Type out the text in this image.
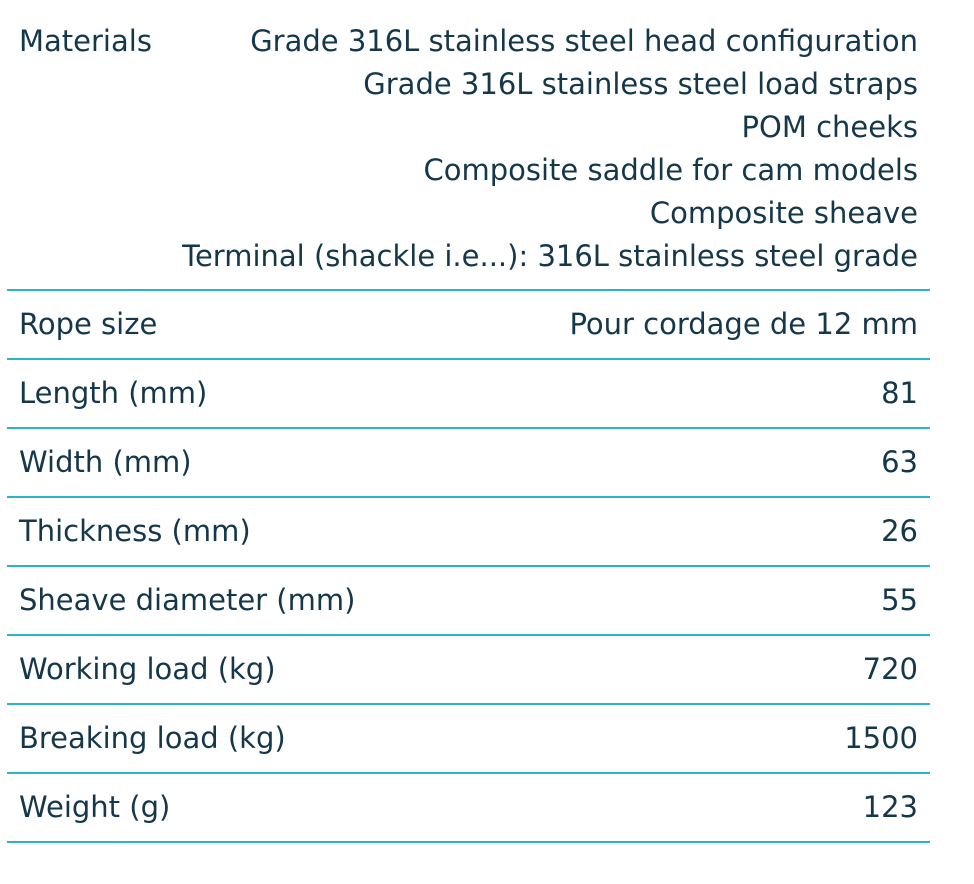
Materials	Grade 316L stainless steel head configuration
Grade 316L stainless steel load straps
POM cheeks
Composite saddle for cam models
Composite sheave
Terminal (shackle i.e...): 316L stainless steel grade
Rope size	Pour cordage de 12 mm
Length (mm)	81
Width (mm)	63
Thickness (mm)	26
Sheave diameter (mm)	55
Working load (kg)	720
Breaking load (kg)	1500
Weight (g)	123
